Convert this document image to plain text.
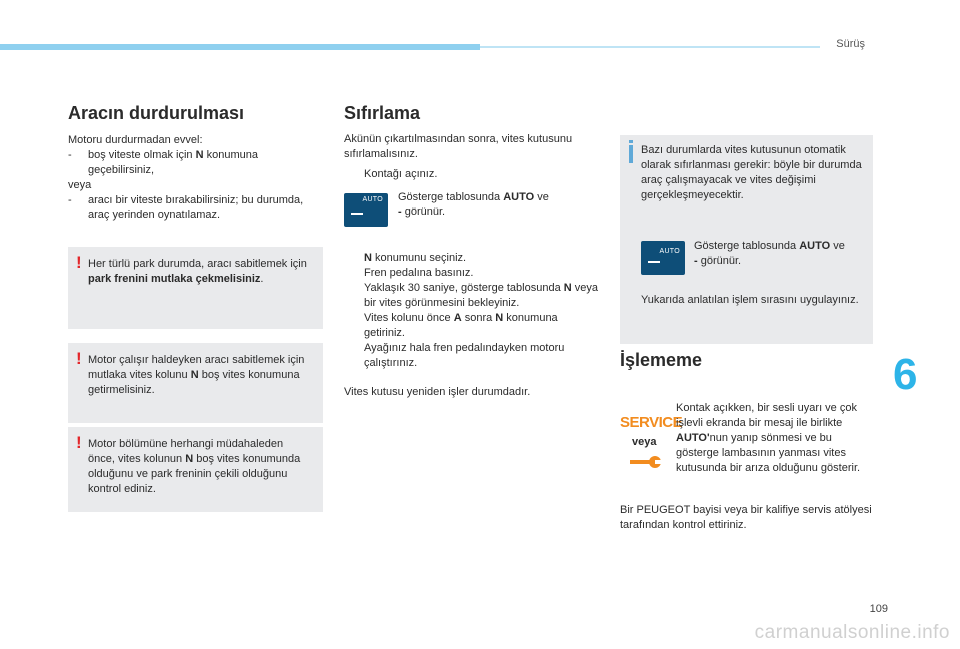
Sürüş
6
Aracın durdurulması

Motoru durdurmadan evvel:

-	boş viteste olmak için N konumuna geçebilirsiniz,

veya

-	aracı bir viteste bırakabilirsiniz; bu durumda, araç yerinden oynatılamaz.
! Her türlü park durumda, aracı sabitlemek için park frenini mutlaka çekmelisiniz.
! Motor çalışır haldeyken aracı sabitlemek için mutlaka vites kolunu N boş vites konumuna getirmelisiniz.
! Motor bölümüne herhangi müdahaleden önce, vites kolunun N boş vites konumunda olduğunu ve park freninin çekili olduğunu kontrol ediniz.
Sıfırlama

Akünün çıkartılmasından sonra, vites kutusunu sıfırlamalısınız.

Kontağı açınız.
AUTO Gösterge tablosunda AUTO ve
- görünür.
N konumunu seçiniz.
Fren pedalına basınız.
Yaklaşık 30 saniye, gösterge tablosunda N veya bir vites görünmesini bekleyiniz.
Vites kolunu önce A sonra N konumuna getiriniz.
Ayağınız hala fren pedalındayken motoru çalıştırınız.

Vites kutusu yeniden işler durumdadır.

Bazı durumlarda vites kutusunun otomatik olarak sıfırlanması gerekir: böyle bir durumda araç çalışmayacak ve vites değişimi gerçekleşmeyecektir.
AUTO Gösterge tablosunda AUTO ve
- görünür.
Yukarıda anlatılan işlem sırasını uygulayınız.
İşlememe
SERVICE
veya
Kontak açıkken, bir sesli uyarı ve çok işlevli ekranda bir mesaj ile birlikte AUTO'nun yanıp sönmesi ve bu gösterge lambasının yanması vites kutusunda bir arıza olduğunu gösterir.
Bir PEUGEOT bayisi veya bir kalifiye servis atölyesi tarafından kontrol ettiriniz.
109
carmanualsonline.info
